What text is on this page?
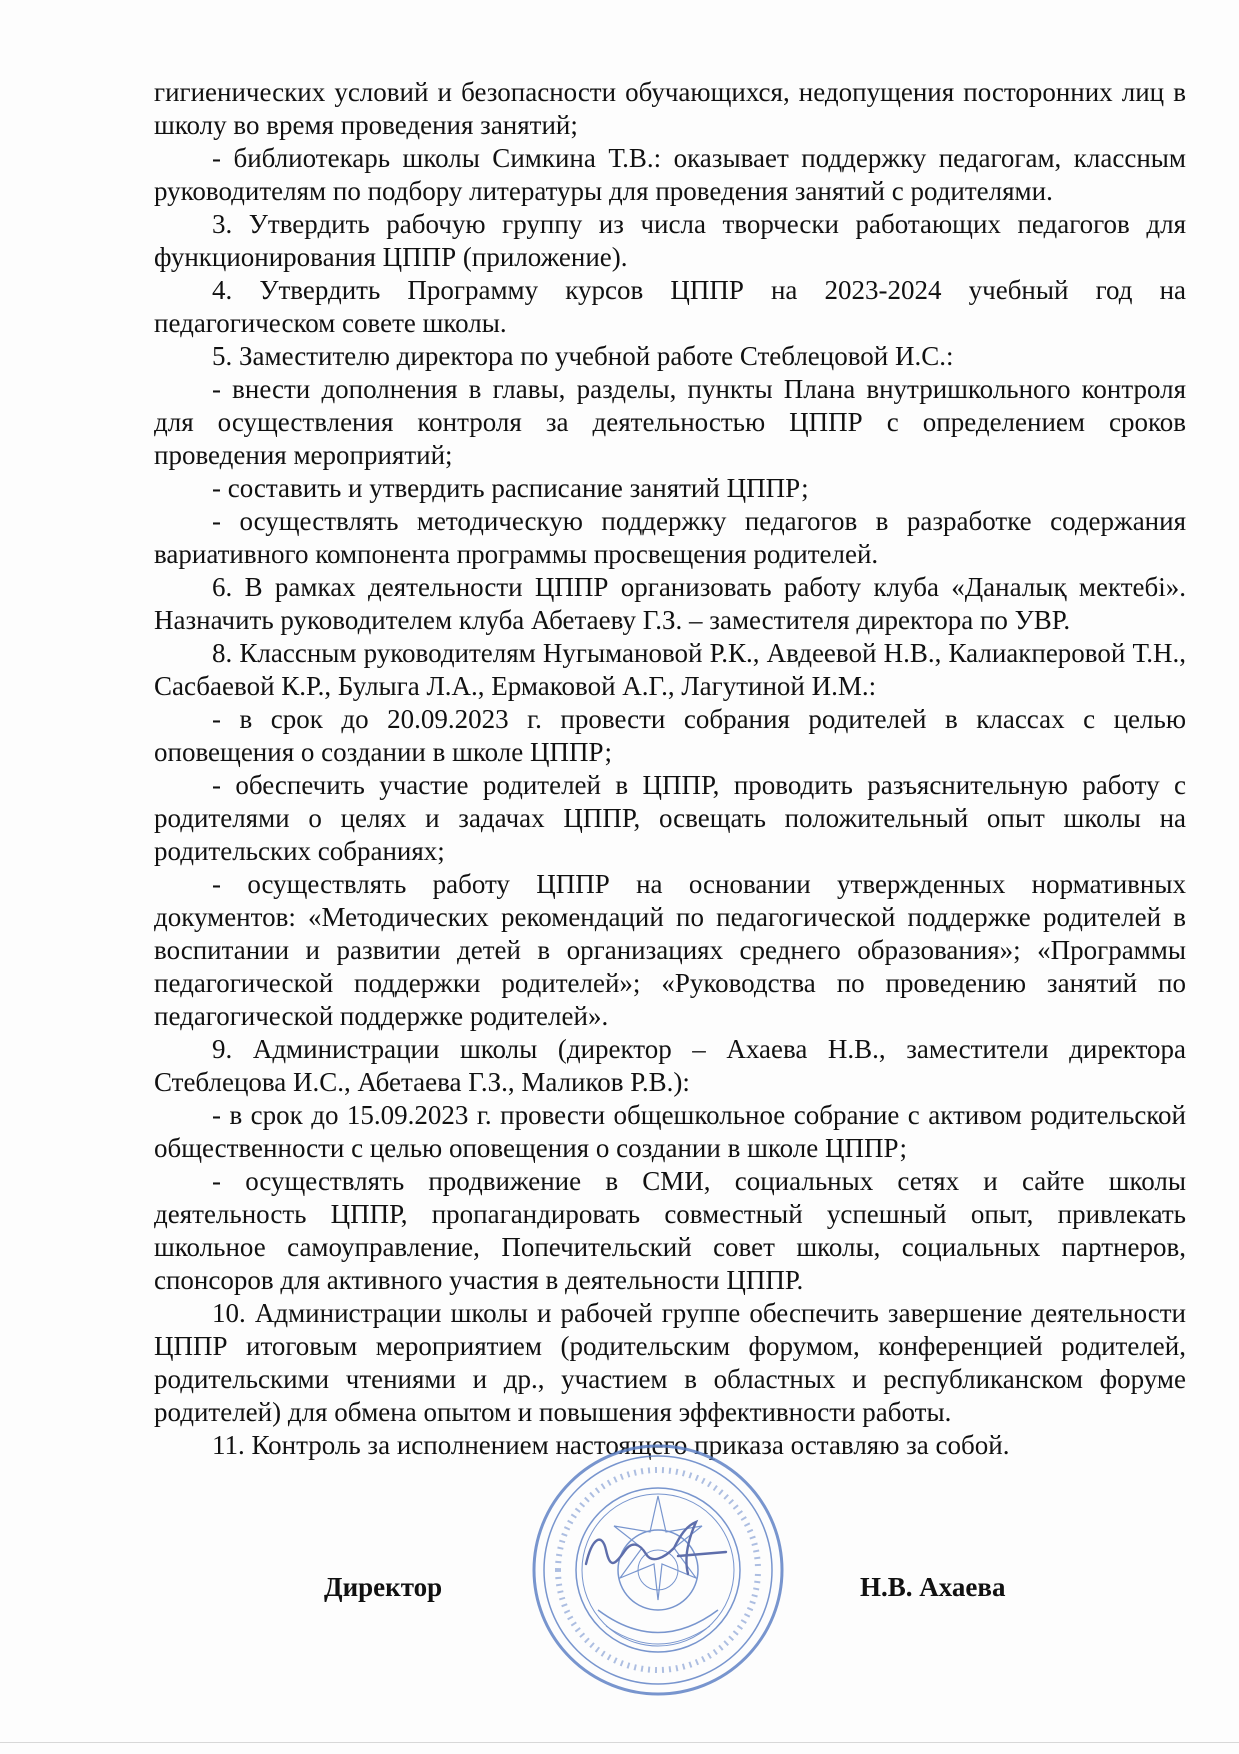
гигиенических условий и безопасности обучающихся, недопущения посторонних лиц в школу во время проведения занятий;

- библиотекарь школы Симкина Т.В.: оказывает поддержку педагогам, классным руководителям по подбору литературы для проведения занятий с родителями.

3. Утвердить рабочую группу из числа творчески работающих педагогов для функционирования ЦППР (приложение).

4. Утвердить Программу курсов ЦППР на 2023-2024 учебный год на педагогическом совете школы.

5. Заместителю директора по учебной работе Стеблецовой И.С.:

- внести дополнения в главы, разделы, пункты Плана внутришкольного контроля для осуществления контроля за деятельностью ЦППР с определением сроков проведения мероприятий;

- составить и утвердить расписание занятий ЦППР;

- осуществлять методическую поддержку педагогов в разработке содержания вариативного компонента программы просвещения родителей.

6. В рамках деятельности ЦППР организовать работу клуба «Даналық мектебі». Назначить руководителем клуба Абетаеву Г.З. – заместителя директора по УВР.

8. Классным руководителям Нугымановой Р.К., Авдеевой Н.В., Калиакперовой Т.Н., Сасбаевой К.Р., Булыга Л.А., Ермаковой А.Г., Лагутиной И.М.:

- в срок до 20.09.2023 г. провести собрания родителей в классах с целью оповещения о создании в школе ЦППР;

- обеспечить участие родителей в ЦППР, проводить разъяснительную работу с родителями о целях и задачах ЦППР, освещать положительный опыт школы на родительских собраниях;

- осуществлять работу ЦППР на основании утвержденных нормативных документов: «Методических рекомендаций по педагогической поддержке родителей в воспитании и развитии детей в организациях среднего образования»; «Программы педагогической поддержки родителей»; «Руководства по проведению занятий по педагогической поддержке родителей».

9. Администрации школы (директор – Ахаева Н.В., заместители директора Стеблецова И.С., Абетаева Г.З., Маликов Р.В.):

- в срок до 15.09.2023 г. провести общешкольное собрание с активом родительской общественности с целью оповещения о создании в школе ЦППР;

- осуществлять продвижение в СМИ, социальных сетях и сайте школы деятельность ЦППР, пропагандировать совместный успешный опыт, привлекать школьное самоуправление, Попечительский совет школы, социальных партнеров, спонсоров для активного участия в деятельности ЦППР.

10. Администрации школы и рабочей группе обеспечить завершение деятельности ЦППР итоговым мероприятием (родительским форумом, конференцией родителей, родительскими чтениями и др., участием в областных и республиканском форуме родителей) для обмена опытом и повышения эффективности работы.

11. Контроль за исполнением настоящего приказа оставляю за собой.

Директор	Н.В. Ахаева
